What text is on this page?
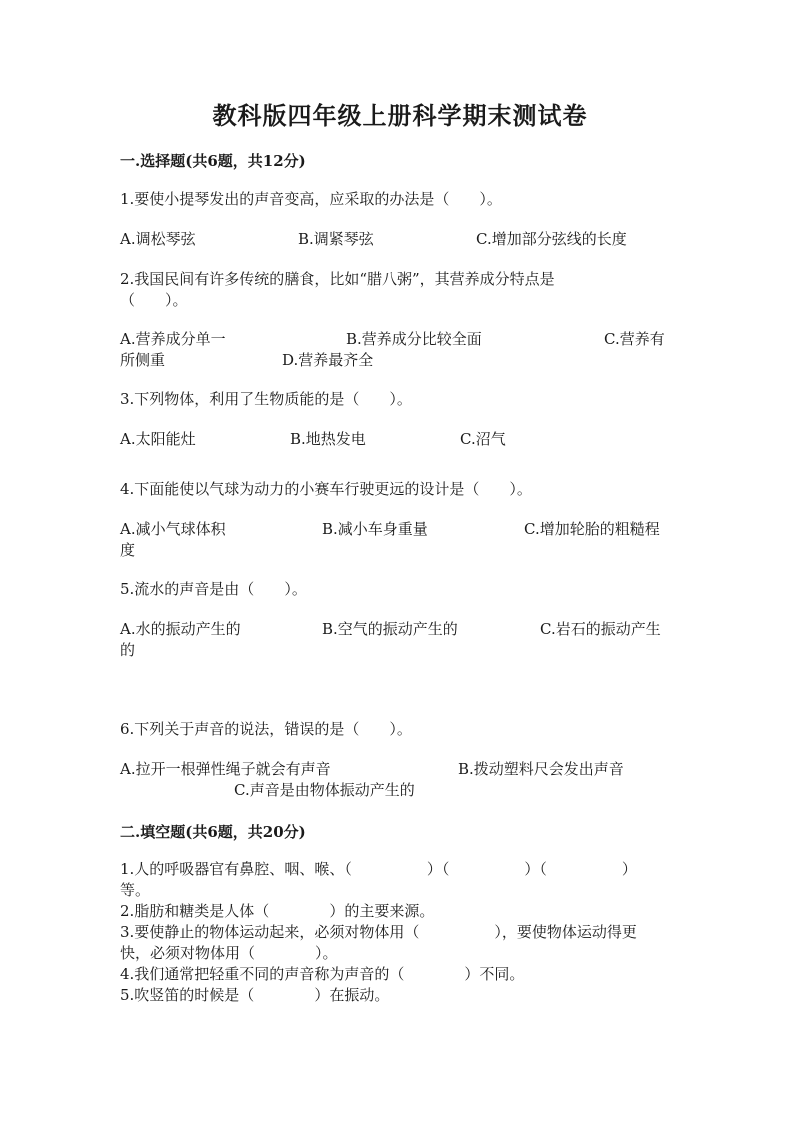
教科版四年级上册科学期末测试卷
一.选择题(共6题，共12分)
1.要使小提琴发出的声音变高，应采取的办法是（　　）。
A.调松琴弦	B.调紧琴弦	C.增加部分弦线的长度
2.我国民间有许多传统的膳食，比如“腊八粥”，其营养成分特点是
（　　）。
A.营养成分单一	B.营养成分比较全面	C.营养有
所侧重	D.营养最齐全
3.下列物体，利用了生物质能的是（　　）。
A.太阳能灶	B.地热发电	C.沼气
4.下面能使以气球为动力的小赛车行驶更远的设计是（　　）。
A.减小气球体积	B.减小车身重量	C.增加轮胎的粗糙程
度
5.流水的声音是由（　　）。
A.水的振动产生的	B.空气的振动产生的	C.岩石的振动产生
的
6.下列关于声音的说法，错误的是（　　）。
A.拉开一根弹性绳子就会有声音	B.拨动塑料尺会发出声音
C.声音是由物体振动产生的
二.填空题(共6题，共20分)
1.人的呼吸器官有鼻腔、咽、喉、（　　　　　）（　　　　　）（　　　　　）
等。
2.脂肪和糖类是人体（　　　　）的主要来源。
3.要使静止的物体运动起来，必须对物体用（　　　　　），要使物体运动得更
快，必须对物体用（　　　　）。
4.我们通常把轻重不同的声音称为声音的（　　　　）不同。
5.吹竖笛的时候是（　　　　）在振动。
